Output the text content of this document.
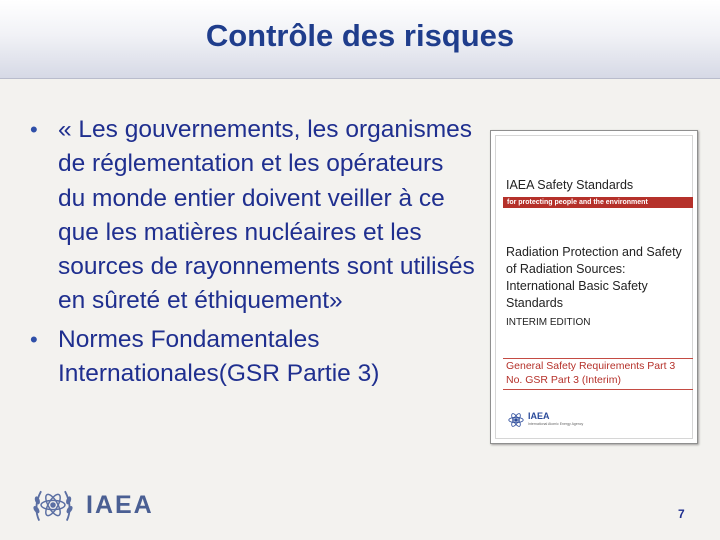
Contrôle des risques
• « Les gouvernements, les organismes de réglementation et les opérateurs du monde entier doivent veiller à ce que les matières nucléaires et les sources de rayonnements sont utilisés en sûreté et éthiquement»
• Normes Fondamentales Internationales(GSR Partie 3)
IAEA Safety Standards
for protecting people and the environment
Radiation Protection and Safety of Radiation Sources: International Basic Safety Standards
INTERIM EDITION
General Safety Requirements Part 3
No. GSR Part 3 (Interim)
IAEA
International Atomic Energy Agency
IAEA	7
